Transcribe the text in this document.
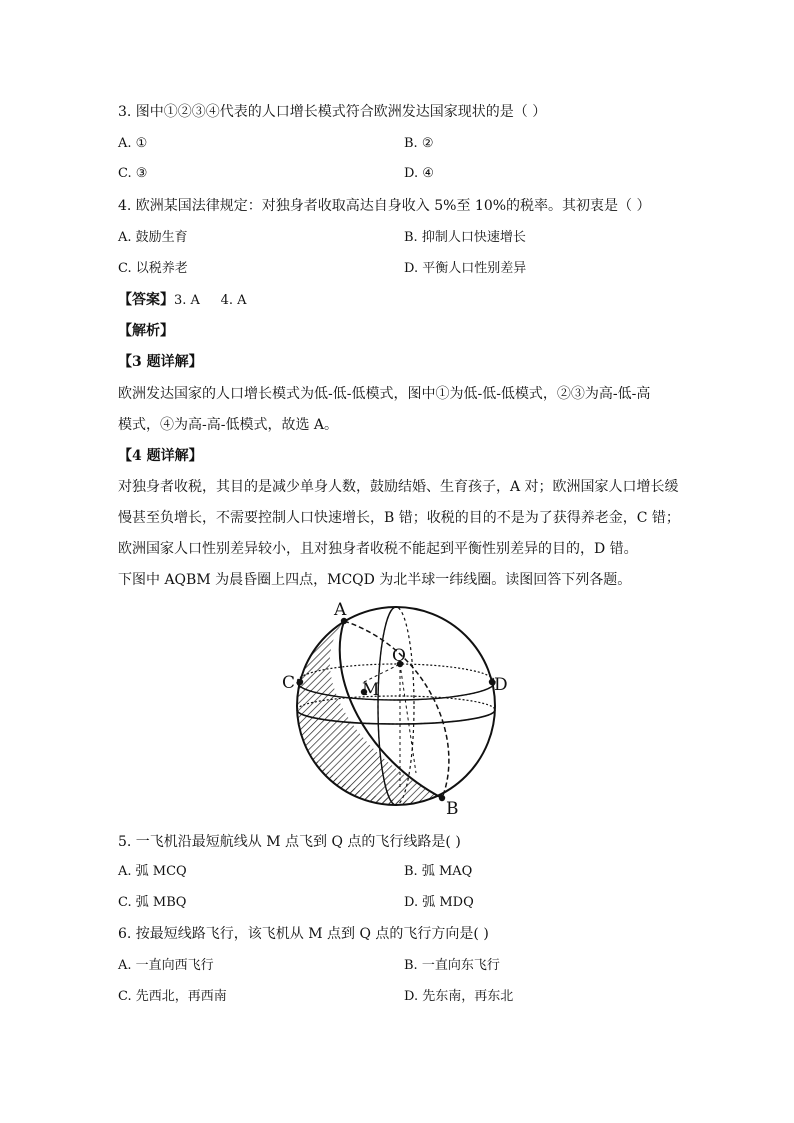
3. 图中①②③④代表的人口增长模式符合欧洲发达国家现状的是（ ）
A. ①	B. ②
C. ③	D. ④
4. 欧洲某国法律规定：对独身者收取高达自身收入 5%至 10%的税率。其初衷是（ ）
A. 鼓励生育	B. 抑制人口快速增长
C. 以税养老	D. 平衡人口性别差异
【答案】3. A     4. A
【解析】
【3 题详解】
欧洲发达国家的人口增长模式为低-低-低模式，图中①为低-低-低模式，②③为高-低-高
模式，④为高-高-低模式，故选 A。
【4 题详解】
对独身者收税，其目的是减少单身人数，鼓励结婚、生育孩子，A 对；欧洲国家人口增长缓
慢甚至负增长，不需要控制人口快速增长，B 错；收税的目的不是为了获得养老金，C 错；
欧洲国家人口性别差异较小，且对独身者收税不能起到平衡性别差异的目的，D 错。
下图中 AQBM 为晨昏圈上四点，MCQD 为北半球一纬线圈。读图回答下列各题。
A
Q
C	M	D
B
5. 一飞机沿最短航线从 M 点飞到 Q 点的飞行线路是( )
A. 弧 MCQ	B. 弧 MAQ
C. 弧 MBQ	D. 弧 MDQ
6. 按最短线路飞行，该飞机从 M 点到 Q 点的飞行方向是( )
A. 一直向西飞行	B. 一直向东飞行
C. 先西北，再西南	D. 先东南，再东北
